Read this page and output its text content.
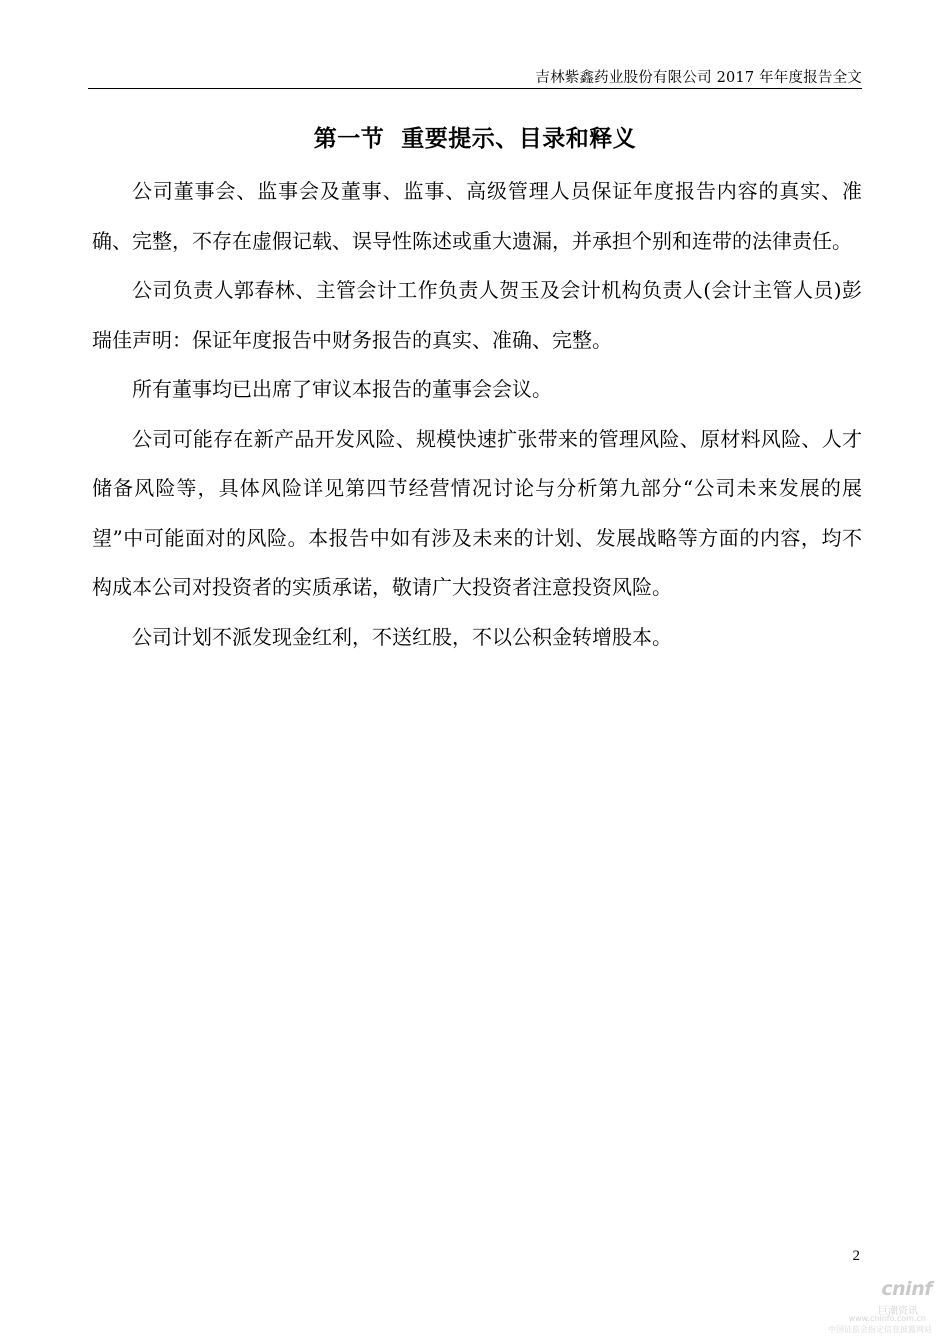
吉林紫鑫药业股份有限公司 2017 年年度报告全文
第一节  重要提示、目录和释义

公司董事会、监事会及董事、监事、高级管理人员保证年度报告内容的真实、准确、完整，不存在虚假记载、误导性陈述或重大遗漏，并承担个别和连带的法律责任。

公司负责人郭春林、主管会计工作负责人贺玉及会计机构负责人(会计主管人员)彭瑞佳声明：保证年度报告中财务报告的真实、准确、完整。

所有董事均已出席了审议本报告的董事会会议。

公司可能存在新产品开发风险、规模快速扩张带来的管理风险、原材料风险、人才储备风险等，具体风险详见第四节经营情况讨论与分析第九部分“公司未来发展的展望”中可能面对的风险。本报告中如有涉及未来的计划、发展战略等方面的内容，均不构成本公司对投资者的实质承诺，敬请广大投资者注意投资风险。

公司计划不派发现金红利，不送红股，不以公积金转增股本。

2
cninf
巨潮资讯
www.cninfo.com.cn
中国证监会指定信息披露网站
